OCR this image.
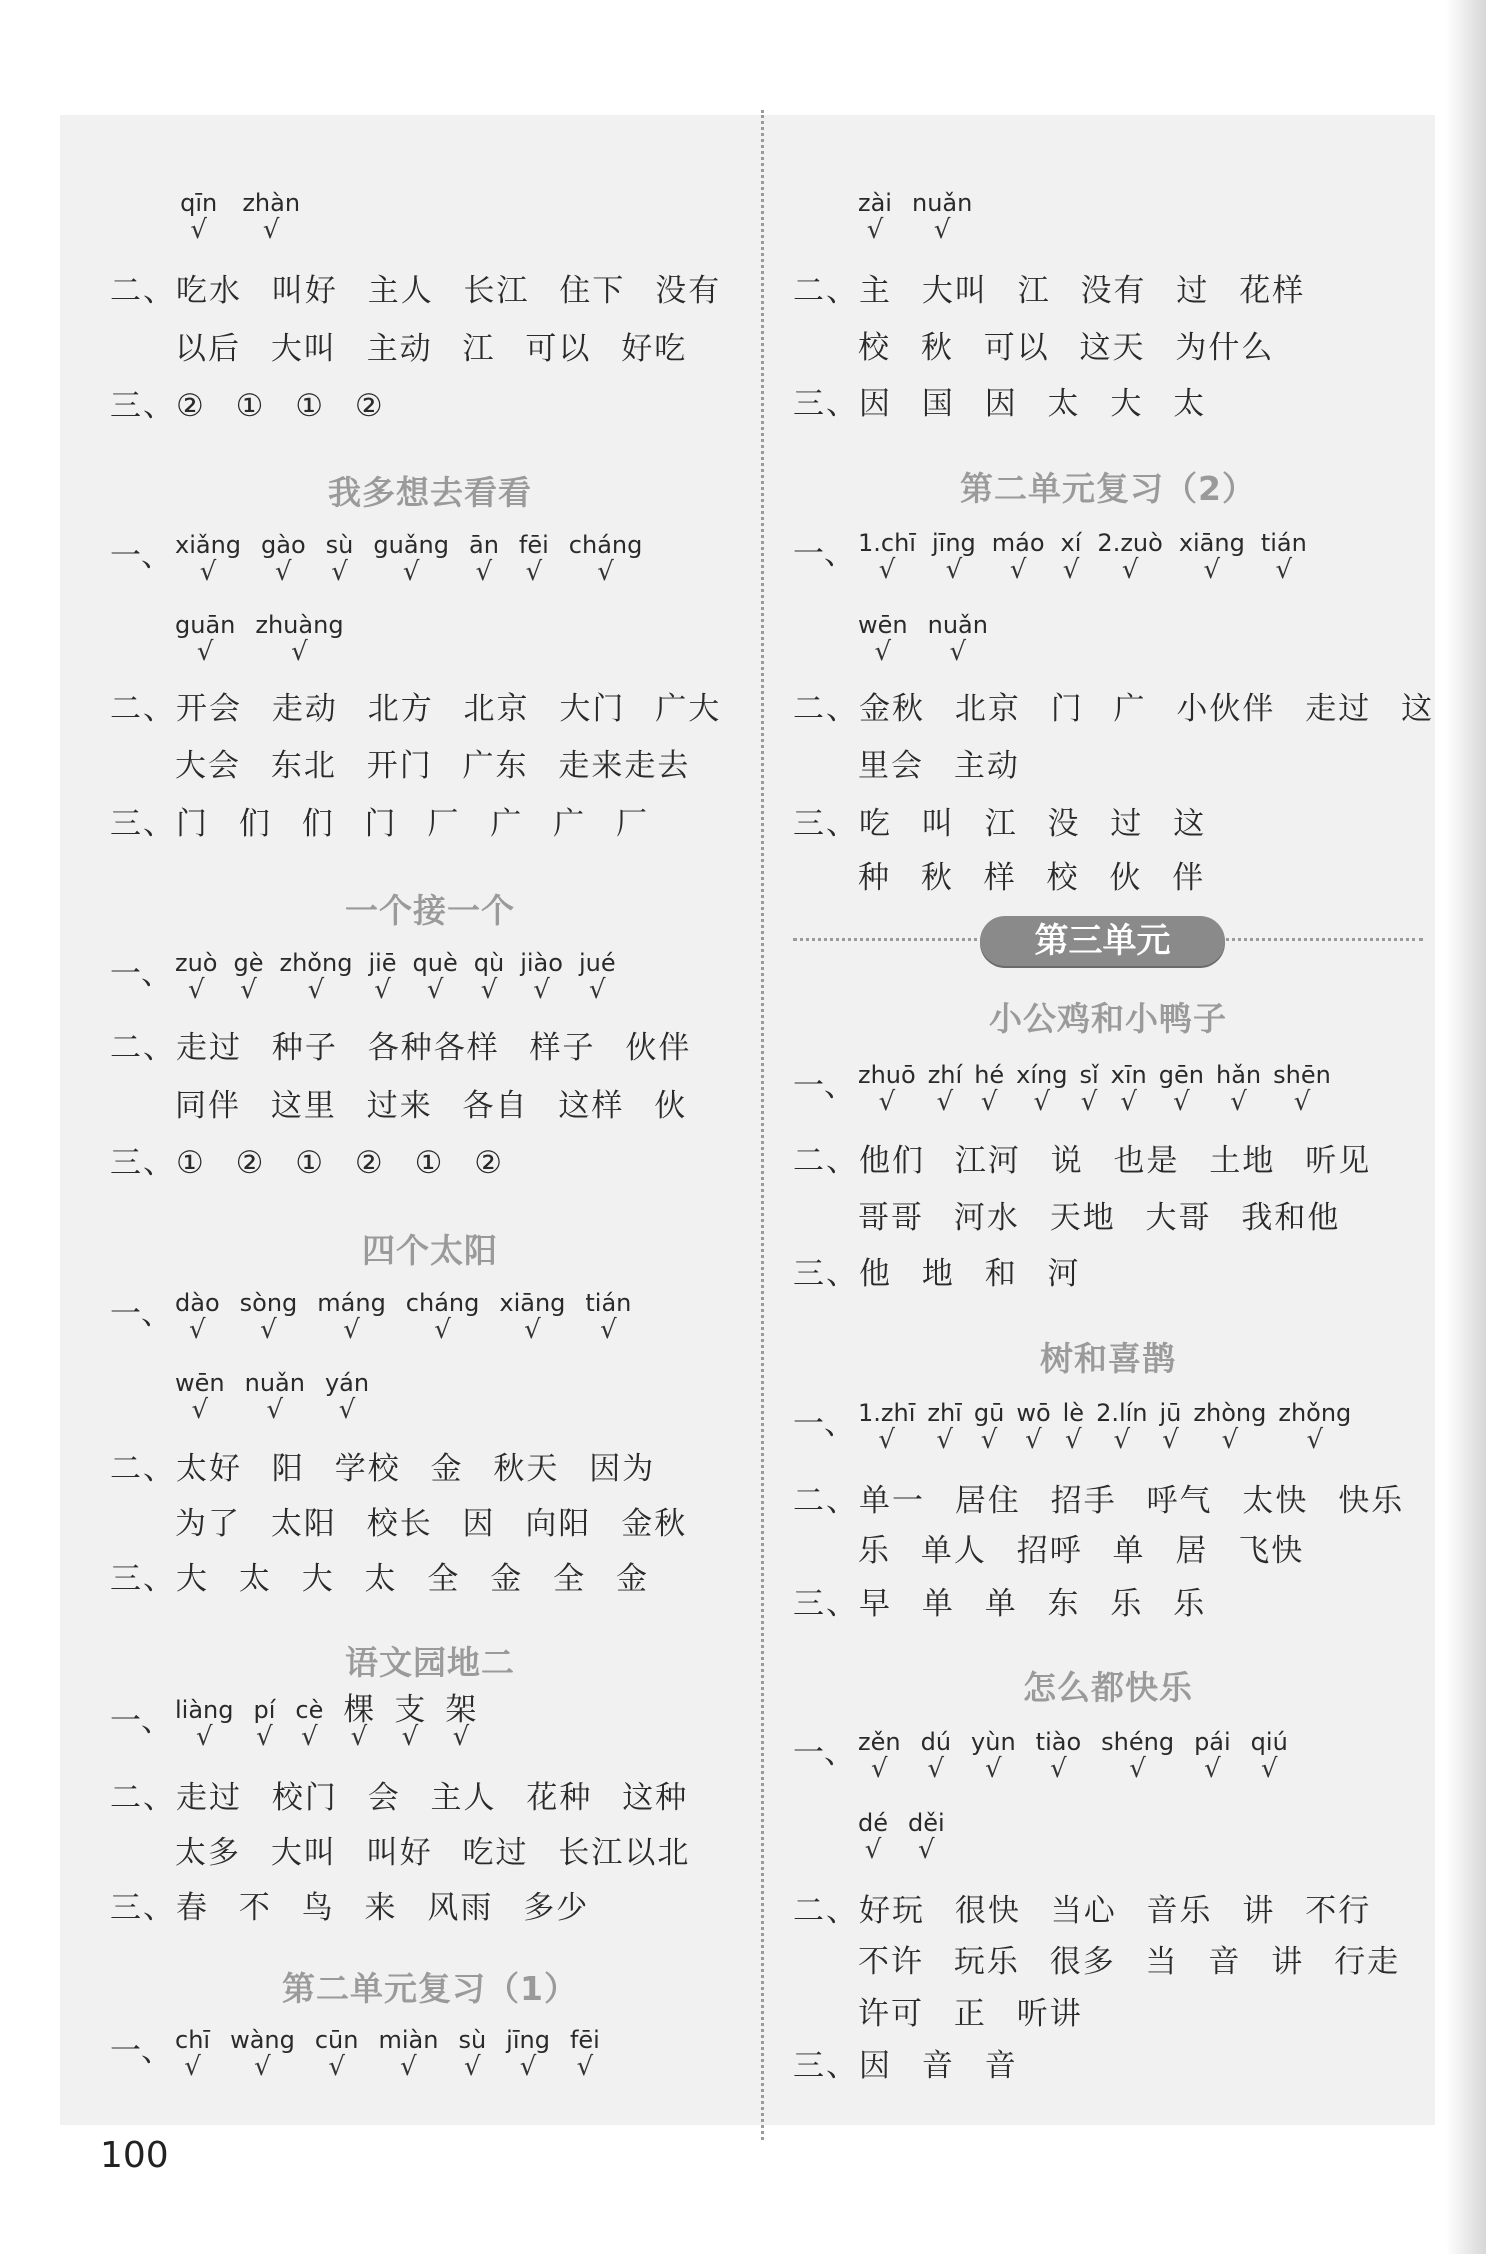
qīn
√

zhàn
√
二、吃水 叫好 主人 长江 住下 没有
以后 大叫 主动 江 可以 好吃
三、② ① ① ②
我多想去看看
一、 xiǎng
√
gào
√
sù
√
guǎng
√
ān
√
fēi
√
cháng
√
guān
√
zhuàng
√
二、开会 走动 北方 北京 大门 广大
大会 东北 开门 广东 走来走去
三、门 们 们 门 厂 广 广 厂
一个接一个
一、 zuò
√
gè
√
zhǒng
√
jiē
√
què
√
qù
√
jiào
√
jué
√
二、走过 种子 各种各样 样子 伙伴
同伴 这里 过来 各自 这样 伙
三、① ② ① ② ① ②
四个太阳
一、 dào
√
sòng
√
máng
√
cháng
√
xiāng
√
tián
√
wēn
√
nuǎn
√
yán
√
二、太好 阳 学校 金 秋天 因为
为了 太阳 校长 因 向阳 金秋
三、大 太 大 太 全 金 全 金
语文园地二
一、 liàng
√
pí
√
cè
√
棵
√
支
√
架
√
二、走过 校门 会 主人 花种 这种
太多 大叫 叫好 吃过 长江以北
三、春 不 鸟 来 风雨 多少
第二单元复习（1）
一、 chī
√
wàng
√
cūn
√
miàn
√
sù
√
jīng
√
fēi
√
zài
√
nuǎn
√
二、主 大叫 江 没有 过 花样
校 秋 可以 这天 为什么
三、因 国 因 太 大 太
第二单元复习（2）
一、 1.chī
√
jīng
√
máo
√
xí
√
2.zuò
√
xiāng
√
tián
√
wēn
√
nuǎn
√
二、金秋 北京 门 广 小伙伴 走过 这
里会 主动
三、吃 叫 江 没 过 这
种 秋 样 校 伙 伴
第三单元
小公鸡和小鸭子
一、 zhuō
√
zhí
√
hé
√
xíng
√
sǐ
√
xīn
√
gēn
√
hǎn
√
shēn
√
二、他们 江河 说 也是 土地 听见
哥哥 河水 天地 大哥 我和他
三、他 地 和 河
树和喜鹊
一、 1.zhī
√
zhī
√
gū
√
wō
√
lè
√
2.lín
√
jū
√
zhòng
√
zhǒng
√
二、单一 居住 招手 呼气 太快 快乐
乐 单人 招呼 单 居 飞快
三、早 单 单 东 乐 乐
怎么都快乐
一、 zěn
√
dú
√
yùn
√
tiào
√
shéng
√
pái
√
qiú
√
dé
√
děi
√
二、好玩 很快 当心 音乐 讲 不行
不许 玩乐 很多 当 音 讲 行走
许可 正 听讲
三、因 音 音
100
